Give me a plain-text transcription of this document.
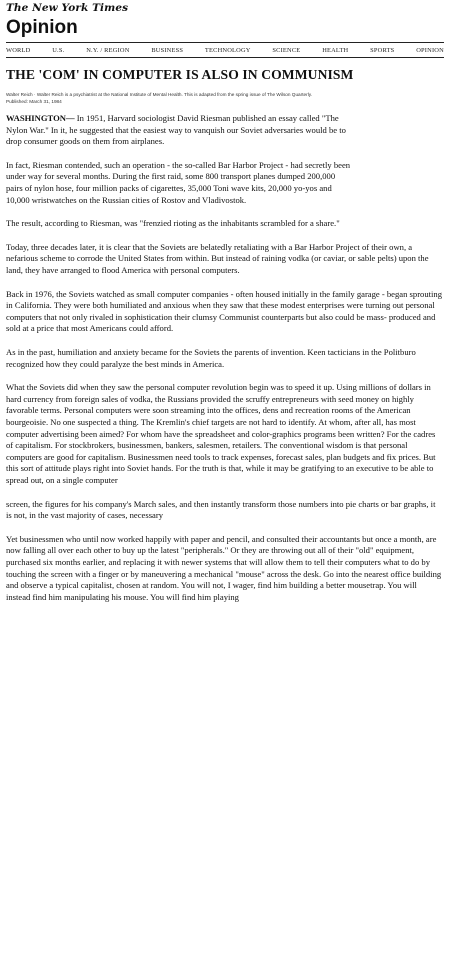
The New York Times
Opinion
WORLD	U.S.	N.Y. / REGION	BUSINESS	TECHNOLOGY	SCIENCE	HEALTH	SPORTS	OPINION
THE 'COM' IN COMPUTER IS ALSO IN COMMUNISM
Walter Reich · Walter Reich is a psychiatrist at the National Institute of Mental Health. This is adapted from the spring issue of The Wilson Quarterly.
Published: March 31, 1984

WASHINGTON— In 1951, Harvard sociologist David Riesman published an essay called "The Nylon War." In it, he suggested that the easiest way to vanquish our Soviet adversaries would be to drop consumer goods on them from airplanes.

In fact, Riesman contended, such an operation - the so-called Bar Harbor Project - had secretly been under way for several months. During the first raid, some 800 transport planes dumped 200,000 pairs of nylon hose, four million packs of cigarettes, 35,000 Toni wave kits, 20,000 yo-yos and 10,000 wristwatches on the Russian cities of Rostov and Vladivostok.

The result, according to Riesman, was "frenzied rioting as the inhabitants scrambled for a share."

Today, three decades later, it is clear that the Soviets are belatedly retaliating with a Bar Harbor Project of their own, a nefarious scheme to corrode the United States from within. But instead of raining vodka (or caviar, or sable pelts) upon the land, they have arranged to flood America with personal computers.

Back in 1976, the Soviets watched as small computer companies - often housed initially in the family garage - began sprouting in California. They were both humiliated and anxious when they saw that these modest enterprises were turning out personal computers that not only rivaled in sophistication their clumsy Communist counterparts but also could be mass- produced and sold at a price that most Americans could afford.

As in the past, humiliation and anxiety became for the Soviets the parents of invention. Keen tacticians in the Politburo recognized how they could paralyze the best minds in America.

What the Soviets did when they saw the personal computer revolution begin was to speed it up. Using millions of dollars in hard currency from foreign sales of vodka, the Russians provided the scruffy entrepreneurs with seed money on highly favorable terms. Personal computers were soon streaming into the offices, dens and recreation rooms of the American bourgeoisie. No one suspected a thing. The Kremlin's chief targets are not hard to identify. At whom, after all, has most computer advertising been aimed? For whom have the spreadsheet and color-graphics programs been written? For the cadres of capitalism. For stockbrokers, businessmen, bankers, salesmen, retailers. The conventional wisdom is that personal computers are good for capitalism. Businessmen need tools to track expenses, forecast sales, plan budgets and fix prices. But this sort of attitude plays right into Soviet hands. For the truth is that, while it may be gratifying to an executive to be able to spread out, on a single computer

screen, the figures for his company's March sales, and then instantly transform those numbers into pie charts or bar graphs, it is not, in the vast majority of cases, necessary

Yet businessmen who until now worked happily with paper and pencil, and consulted their accountants but once a month, are now falling all over each other to buy up the latest "peripherals." Or they are throwing out all of their "old" equipment, purchased six months earlier, and replacing it with newer systems that will allow them to tell their computers what to do by touching the screen with a finger or by maneuvering a mechanical "mouse" across the desk. Go into the nearest office building and observe a typical capitalist, chosen at random. You will not, I wager, find him building a better mousetrap. You will instead find him manipulating his mouse. You will find him playing
